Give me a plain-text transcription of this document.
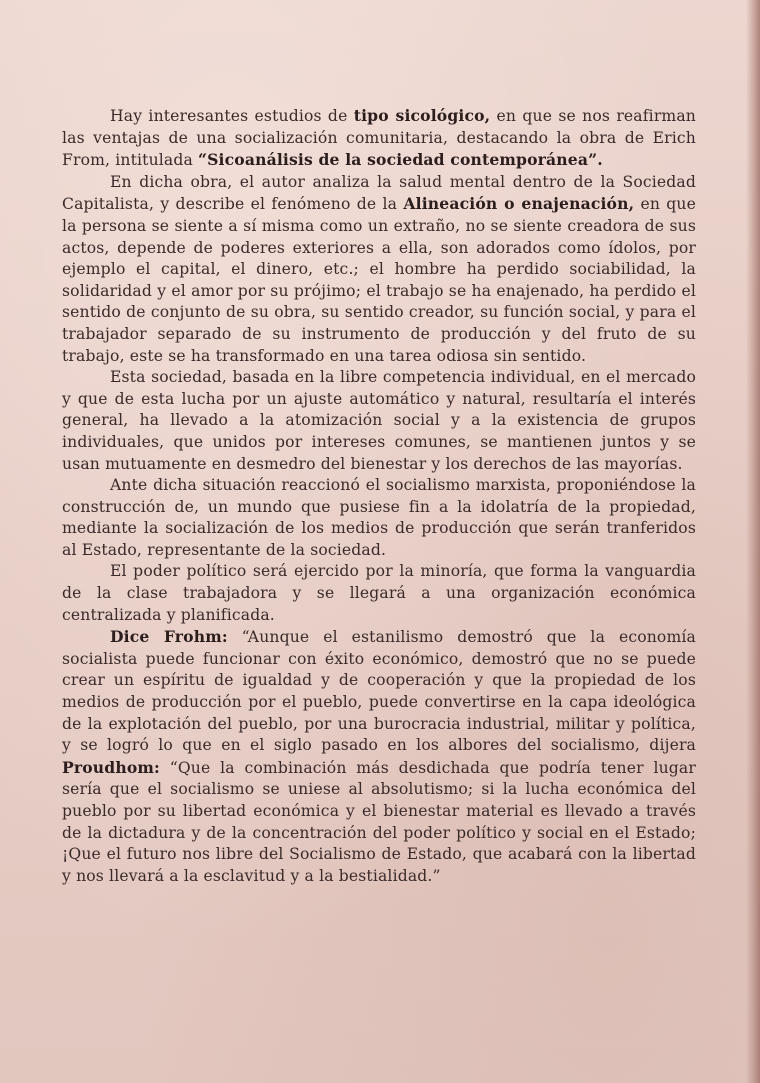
Hay interesantes estudios de tipo sicológico, en que se nos reafirman las ventajas de una socialización comunitaria, destacando la obra de Erich From, intitulada “Sicoanálisis de la sociedad contemporánea”.

En dicha obra, el autor analiza la salud mental dentro de la Sociedad Capitalista, y describe el fenómeno de la Alineación o enajenación, en que la persona se siente a sí misma como un extraño, no se siente creadora de sus actos, depende de poderes exteriores a ella, son adorados como ídolos, por ejemplo el capital, el dinero, etc.; el hombre ha perdido sociabilidad, la solidaridad y el amor por su prójimo; el trabajo se ha enajenado, ha perdido el sentido de conjunto de su obra, su sentido creador, su función social, y para el trabajador separado de su instrumento de producción y del fruto de su trabajo, este se ha transformado en una tarea odiosa sin sentido.

Esta sociedad, basada en la libre competencia individual, en el mercado y que de esta lucha por un ajuste automático y natural, resultaría el interés general, ha llevado a la atomización social y a la existencia de grupos individuales, que unidos por intereses comunes, se mantienen juntos y se usan mutuamente en desmedro del bienestar y los derechos de las mayorías.

Ante dicha situación reaccionó el socialismo marxista, proponiéndose la construcción de, un mundo que pusiese fin a la idolatría de la propiedad, mediante la socialización de los medios de producción que serán tranferidos al Estado, representante de la sociedad.

El poder político será ejercido por la minoría, que forma la vanguardia de la clase trabajadora y se llegará a una organización económica centralizada y planificada.

Dice Frohm: “Aunque el estanilismo demostró que la economía socialista puede funcionar con éxito económico, demostró que no se puede crear un espíritu de igualdad y de cooperación y que la propiedad de los medios de producción por el pueblo, puede convertirse en la capa ideológica de la explotación del pueblo, por una burocracia industrial, militar y política, y se logró lo que en el siglo pasado en los albores del socialismo, dijera Proudhom: “Que la combinación más desdichada que podría tener lugar sería que el socialismo se uniese al absolutismo; si la lucha económica del pueblo por su libertad económica y el bienestar material es llevado a través de la dictadura y de la concentración del poder político y social en el Estado; ¡Que el futuro nos libre del Socialismo de Estado, que acabará con la libertad y nos llevará a la esclavitud y a la bestialidad.”
